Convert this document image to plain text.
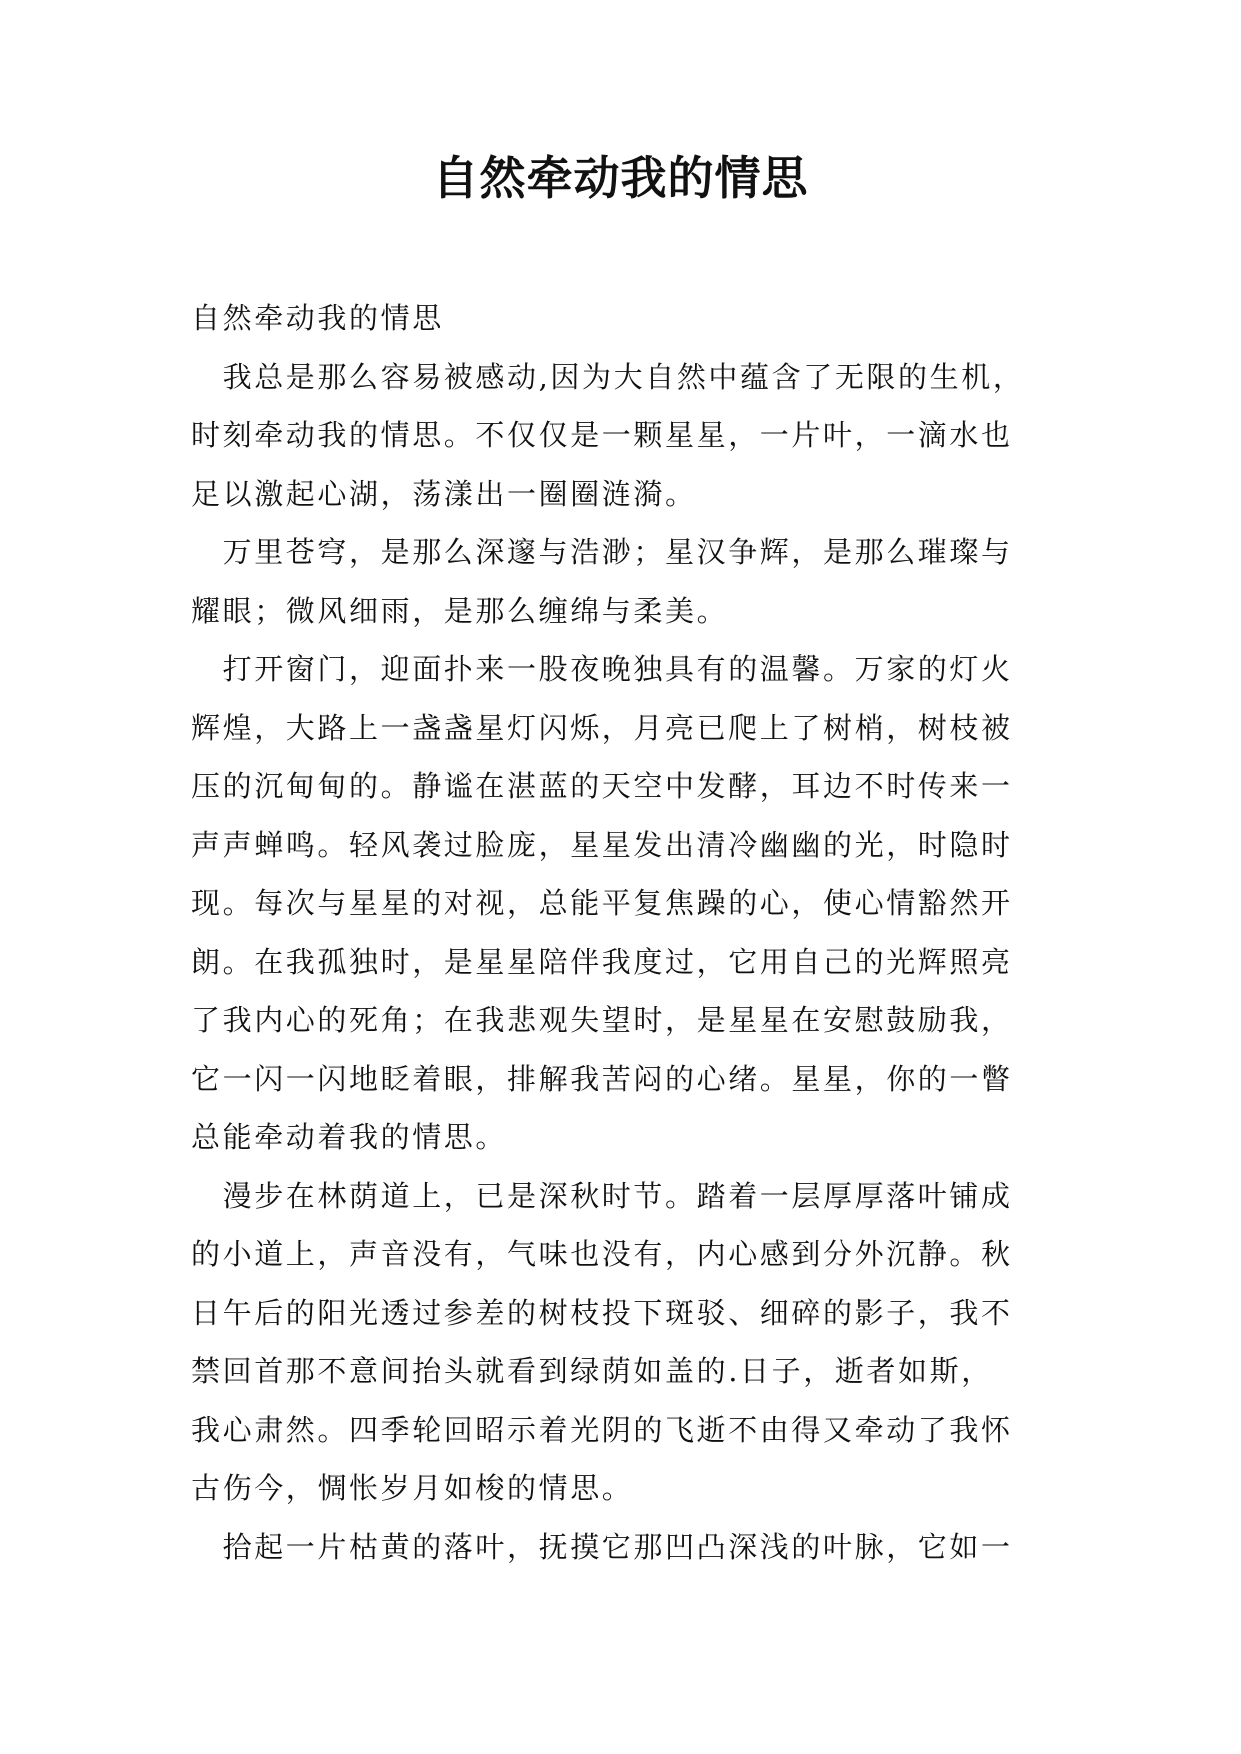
自然牵动我的情思
自然牵动我的情思
　我总是那么容易被感动,因为大自然中蕴含了无限的生机，
时刻牵动我的情思。不仅仅是一颗星星，一片叶，一滴水也
足以激起心湖，荡漾出一圈圈涟漪。
　万里苍穹，是那么深邃与浩渺；星汉争辉，是那么璀璨与
耀眼；微风细雨，是那么缠绵与柔美。
　打开窗门，迎面扑来一股夜晚独具有的温馨。万家的灯火
辉煌，大路上一盏盏星灯闪烁，月亮已爬上了树梢，树枝被
压的沉甸甸的。静谧在湛蓝的天空中发酵，耳边不时传来一
声声蝉鸣。轻风袭过脸庞，星星发出清冷幽幽的光，时隐时
现。每次与星星的对视，总能平复焦躁的心，使心情豁然开
朗。在我孤独时，是星星陪伴我度过，它用自己的光辉照亮
了我内心的死角；在我悲观失望时，是星星在安慰鼓励我，
它一闪一闪地眨着眼，排解我苦闷的心绪。星星，你的一瞥
总能牵动着我的情思。
　漫步在林荫道上，已是深秋时节。踏着一层厚厚落叶铺成
的小道上，声音没有，气味也没有，内心感到分外沉静。秋
日午后的阳光透过参差的树枝投下斑驳、细碎的影子，我不
禁回首那不意间抬头就看到绿荫如盖的.日子，逝者如斯，
我心肃然。四季轮回昭示着光阴的飞逝不由得又牵动了我怀
古伤今，惆怅岁月如梭的情思。
　拾起一片枯黄的落叶，抚摸它那凹凸深浅的叶脉，它如一
